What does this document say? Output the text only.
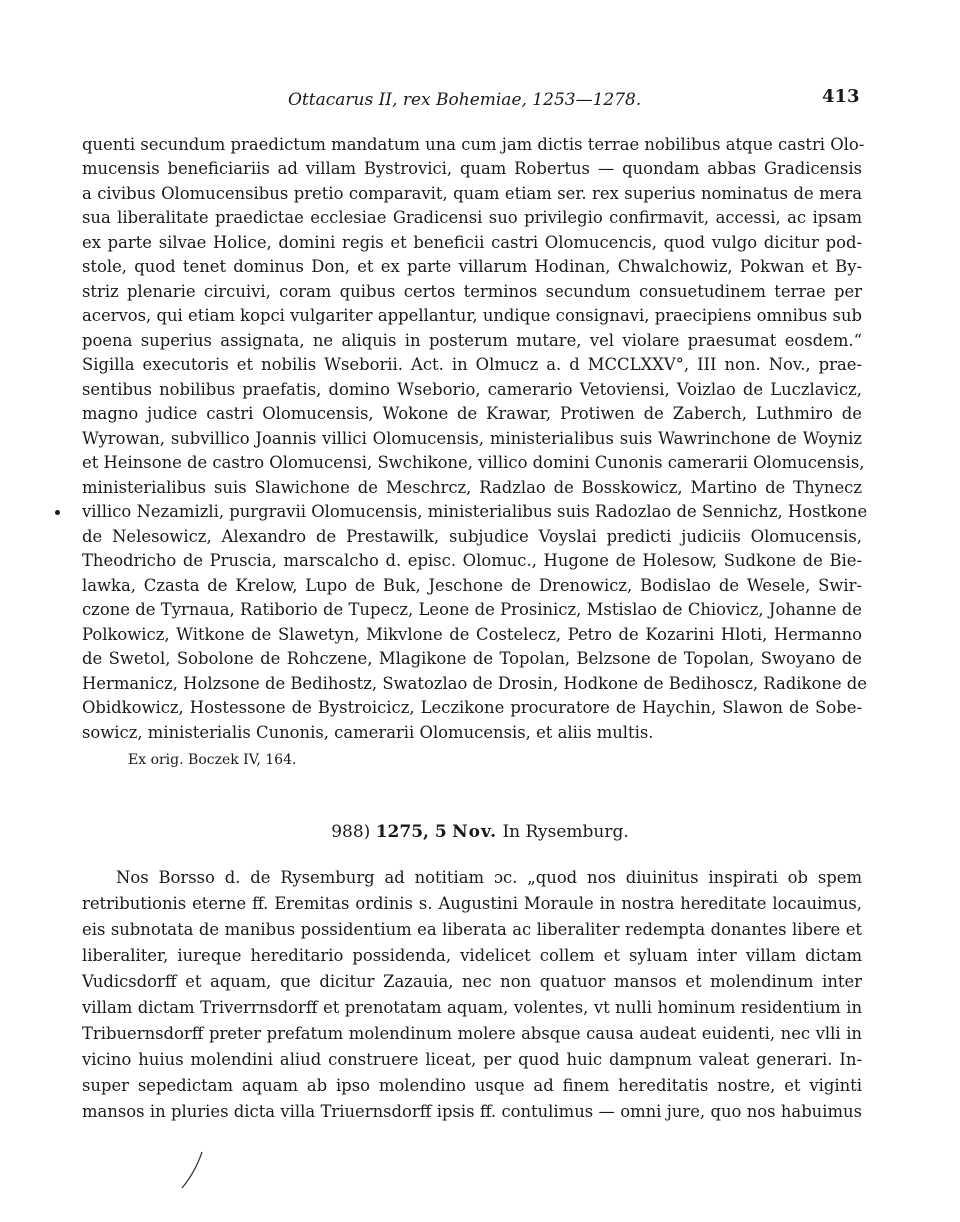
Ottacarus II, rex Bohemiae, 1253—1278.	413
quenti secundum praedictum mandatum una cum jam dictis terrae nobilibus atque castri Olo-
mucensis beneficiariis ad villam Bystrovici, quam Robertus — quondam abbas Gradicensis
a civibus Olomucensibus pretio comparavit, quam etiam ser. rex superius nominatus de mera
sua liberalitate praedictae ecclesiae Gradicensi suo privilegio confirmavit, accessi, ac ipsam
ex parte silvae Holice, domini regis et beneficii castri Olomucencis, quod vulgo dicitur pod-
stole, quod tenet dominus Don, et ex parte villarum Hodinan, Chwalchowiz, Pokwan et By-
striz plenarie circuivi, coram quibus certos terminos secundum consuetudinem terrae per
acervos, qui etiam kopci vulgariter appellantur, undique consignavi, praecipiens omnibus sub
poena superius assignata, ne aliquis in posterum mutare, vel violare praesumat eosdem.“
Sigilla executoris et nobilis Wseborii. Act. in Olmucz a. d MCCLXXV°, III non. Nov., prae-
sentibus nobilibus praefatis, domino Wseborio, camerario Vetoviensi, Voizlao de Luczlavicz,
magno judice castri Olomucensis, Wokone de Krawar, Protiwen de Zaberch, Luthmiro de
Wyrowan, subvillico Joannis villici Olomucensis, ministerialibus suis Wawrinchone de Woyniz
et Heinsone de castro Olomucensi, Swchikone, villico domini Cunonis camerarii Olomucensis,
ministerialibus suis Slawichone de Meschrcz, Radzlao de Bosskowicz, Martino de Thynecz
villico Nezamizli, purgravii Olomucensis, ministerialibus suis Radozlao de Sennichz, Hostkone
de Nelesowicz, Alexandro de Prestawilk, subjudice Voyslai predicti judiciis Olomucensis,
Theodricho de Pruscia, marscalcho d. episc. Olomuc., Hugone de Holesow, Sudkone de Bie-
lawka, Czasta de Krelow, Lupo de Buk, Jeschone de Drenowicz, Bodislao de Wesele, Swir-
czone de Tyrnaua, Ratiborio de Tupecz, Leone de Prosinicz, Mstislao de Chiovicz, Johanne de
Polkowicz, Witkone de Slawetyn, Mikvlone de Costelecz, Petro de Kozarini Hloti, Hermanno
de Swetol, Sobolone de Rohczene, Mlagikone de Topolan, Belzsone de Topolan, Swoyano de
Hermanicz, Holzsone de Bedihostz, Swatozlao de Drosin, Hodkone de Bedihoscz, Radikone de
Obidkowicz, Hostessone de Bystroicicz, Leczikone procuratore de Haychin, Slawon de Sobe-
sowicz, ministerialis Cunonis, camerarii Olomucensis, et aliis multis.
Ex orig. Boczek IV, 164.
988) 1275, 5 Nov. In Rysemburg.
Nos Borsso d. de Rysemburg ad notitiam ɔc. „quod nos diuinitus inspirati ob spem
retributionis eterne ff. Eremitas ordinis s. Augustini Moraule in nostra hereditate locauimus,
eis subnotata de manibus possidentium ea liberata ac liberaliter redempta donantes libere et
liberaliter, iureque hereditario possidenda, videlicet collem et syluam inter villam dictam
Vudicsdorff et aquam, que dicitur Zazauia, nec non quatuor mansos et molendinum inter
villam dictam Triverrnsdorff et prenotatam aquam, volentes, vt nulli hominum residentium in
Tribuernsdorff preter prefatum molendinum molere absque causa audeat euidenti, nec vlli in
vicino huius molendini aliud construere liceat, per quod huic dampnum valeat generari. In-
super sepedictam aquam ab ipso molendino usque ad finem hereditatis nostre, et viginti
mansos in pluries dicta villa Triuernsdorff ipsis ff. contulimus — omni jure, quo nos habuimus
